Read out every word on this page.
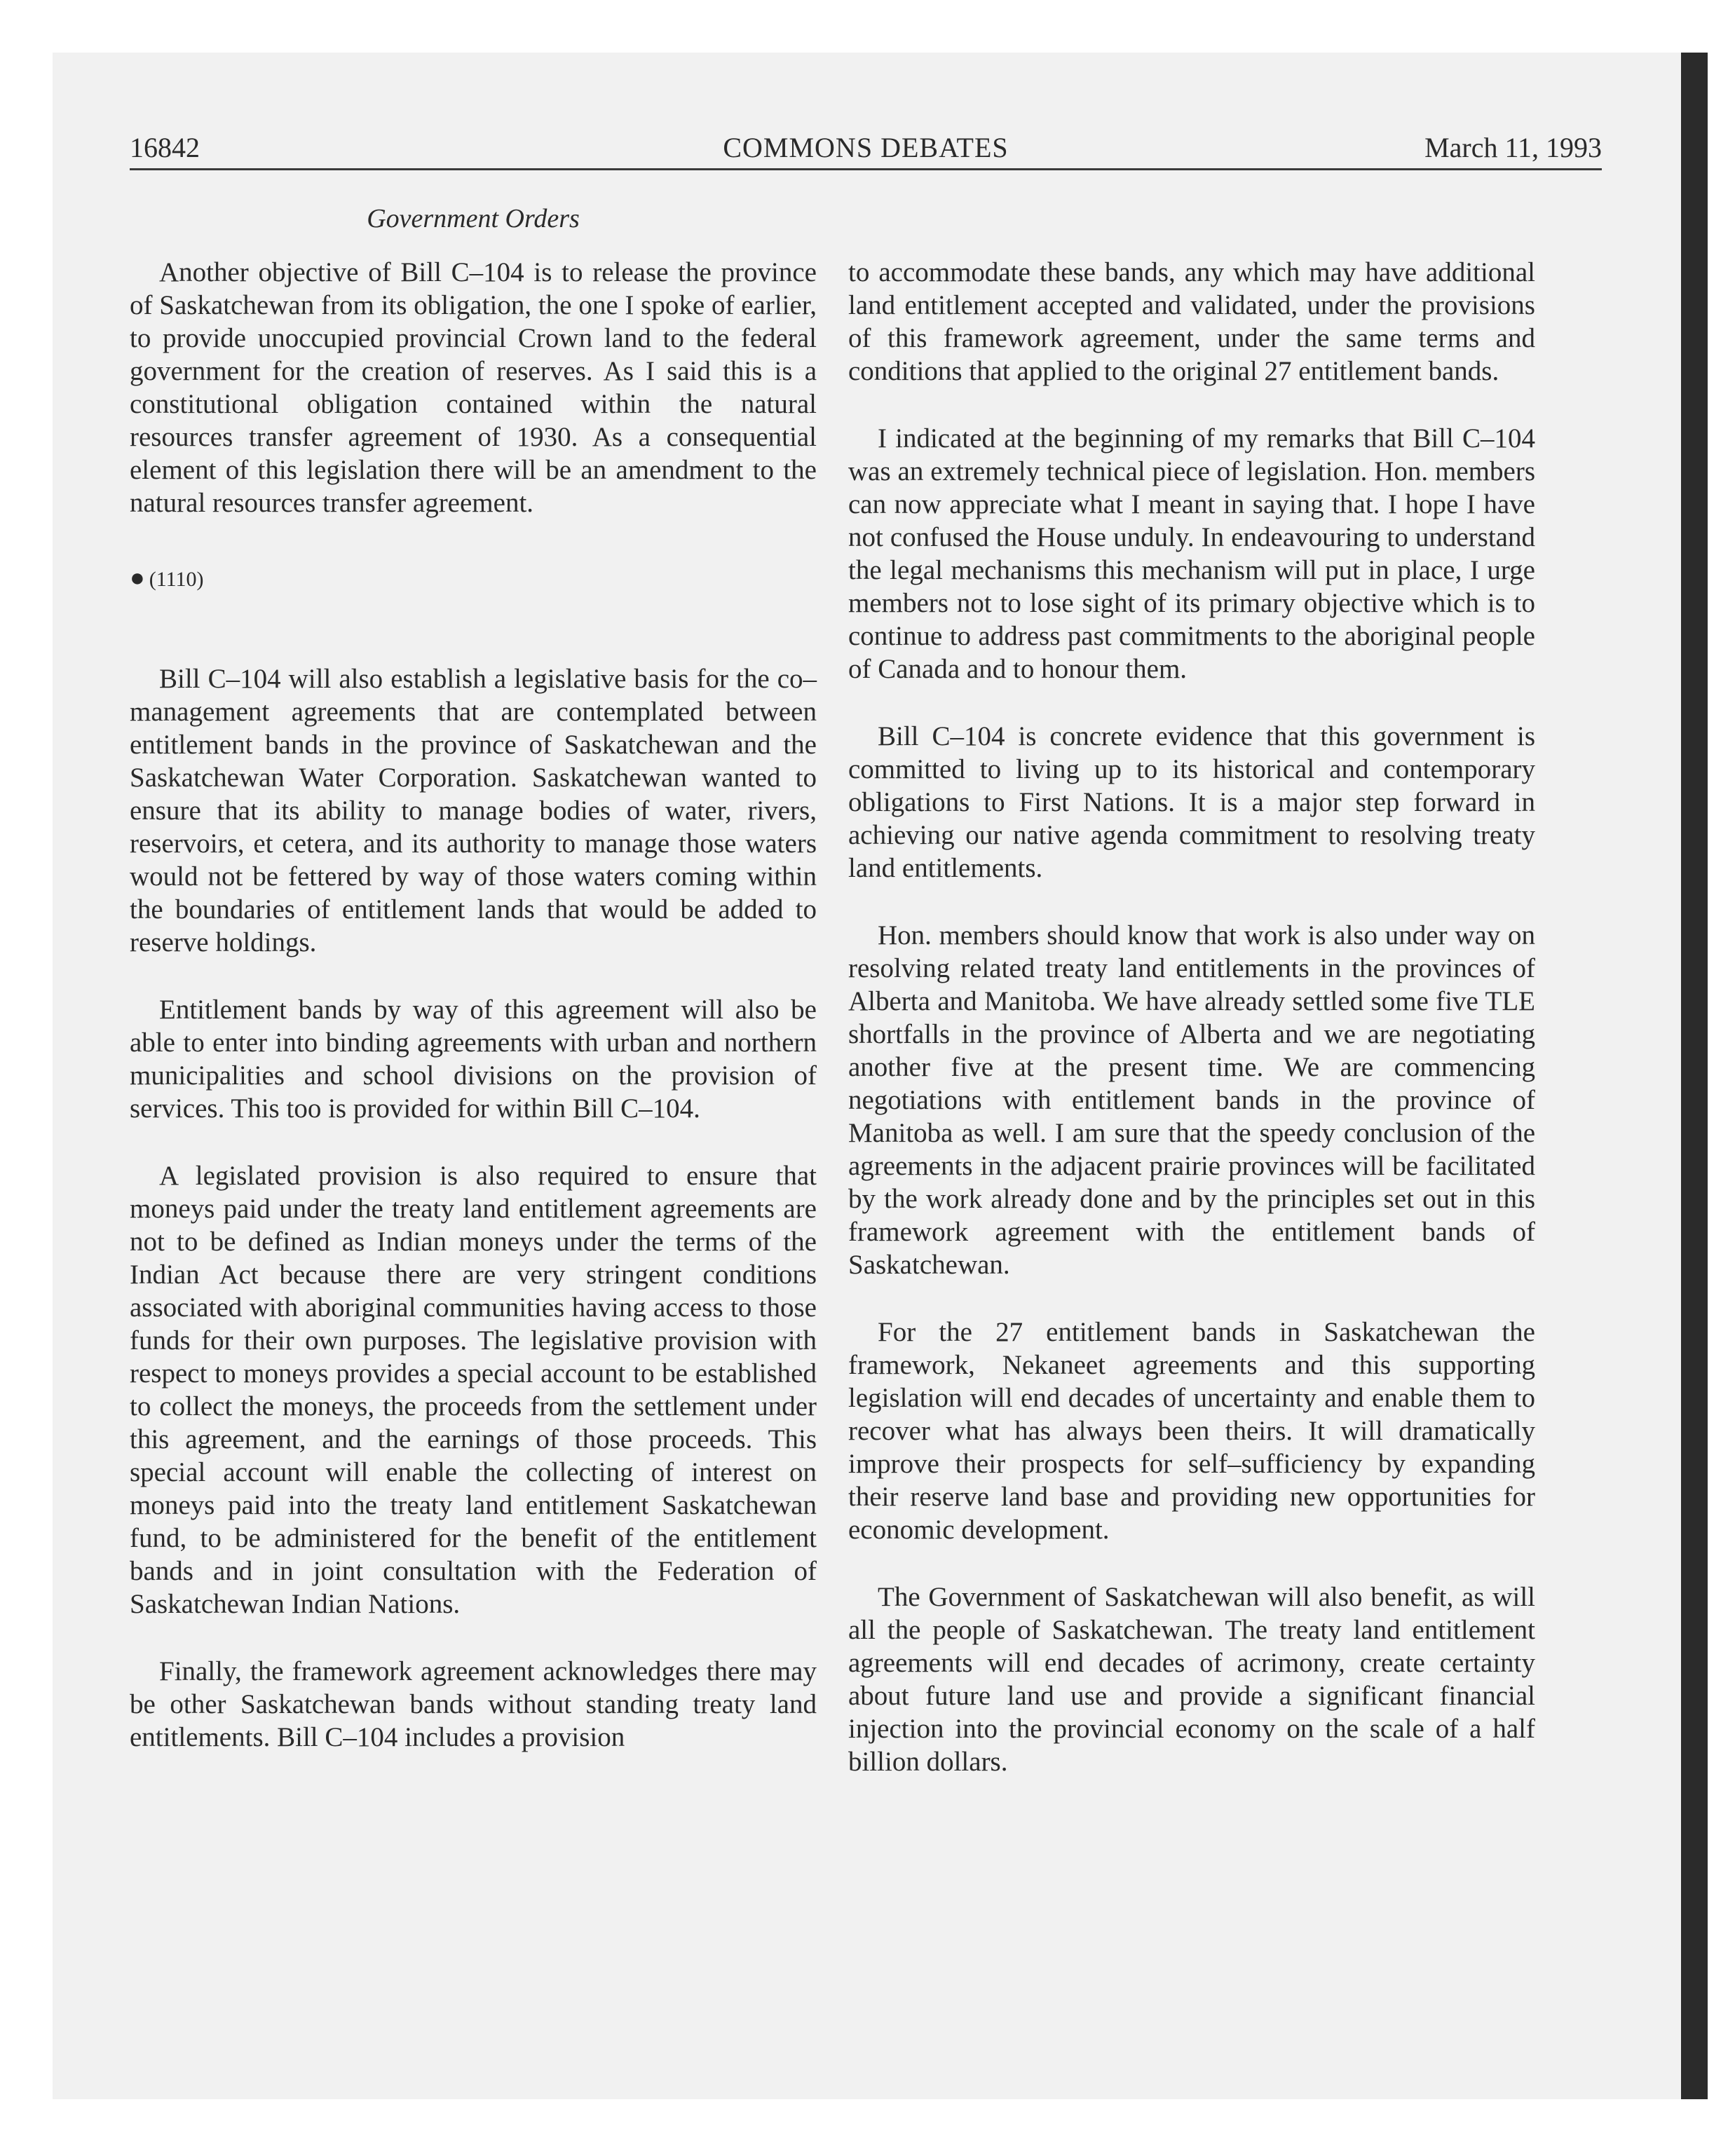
16842	COMMONS DEBATES	March 11, 1993
Government Orders

Another objective of Bill C–104 is to release the province of Saskatchewan from its obligation, the one I spoke of earlier, to provide unoccupied provincial Crown land to the federal government for the creation of reserves. As I said this is a constitutional obligation contained within the natural resources transfer agreement of 1930. As a consequential element of this legislation there will be an amendment to the natural resources transfer agreement.

● (1110)

Bill C–104 will also establish a legislative basis for the co–management agreements that are contemplated between entitlement bands in the province of Saskatchewan and the Saskatchewan Water Corporation. Saskatchewan wanted to ensure that its ability to manage bodies of water, rivers, reservoirs, et cetera, and its authority to manage those waters would not be fettered by way of those waters coming within the boundaries of entitlement lands that would be added to reserve holdings.

Entitlement bands by way of this agreement will also be able to enter into binding agreements with urban and northern municipalities and school divisions on the provision of services. This too is provided for within Bill C–104.

A legislated provision is also required to ensure that moneys paid under the treaty land entitlement agreements are not to be defined as Indian moneys under the terms of the Indian Act because there are very stringent conditions associated with aboriginal communities having access to those funds for their own purposes. The legislative provision with respect to moneys provides a special account to be established to collect the moneys, the proceeds from the settlement under this agreement, and the earnings of those proceeds. This special account will enable the collecting of interest on moneys paid into the treaty land entitlement Saskatchewan fund, to be administered for the benefit of the entitlement bands and in joint consultation with the Federation of Saskatchewan Indian Nations.

Finally, the framework agreement acknowledges there may be other Saskatchewan bands without standing treaty land entitlements. Bill C–104 includes a provision

to accommodate these bands, any which may have additional land entitlement accepted and validated, under the provisions of this framework agreement, under the same terms and conditions that applied to the original 27 entitlement bands.

I indicated at the beginning of my remarks that Bill C–104 was an extremely technical piece of legislation. Hon. members can now appreciate what I meant in saying that. I hope I have not confused the House unduly. In endeavouring to understand the legal mechanisms this mechanism will put in place, I urge members not to lose sight of its primary objective which is to continue to address past commitments to the aboriginal people of Canada and to honour them.

Bill C–104 is concrete evidence that this government is committed to living up to its historical and contemporary obligations to First Nations. It is a major step forward in achieving our native agenda commitment to resolving treaty land entitlements.

Hon. members should know that work is also under way on resolving related treaty land entitlements in the provinces of Alberta and Manitoba. We have already settled some five TLE shortfalls in the province of Alberta and we are negotiating another five at the present time. We are commencing negotiations with entitlement bands in the province of Manitoba as well. I am sure that the speedy conclusion of the agreements in the adjacent prairie provinces will be facilitated by the work already done and by the principles set out in this framework agreement with the entitlement bands of Saskatchewan.

For the 27 entitlement bands in Saskatchewan the framework, Nekaneet agreements and this supporting legislation will end decades of uncertainty and enable them to recover what has always been theirs. It will dramatically improve their prospects for self–sufficiency by expanding their reserve land base and providing new opportunities for economic development.

The Government of Saskatchewan will also benefit, as will all the people of Saskatchewan. The treaty land entitlement agreements will end decades of acrimony, create certainty about future land use and provide a significant financial injection into the provincial economy on the scale of a half billion dollars.
